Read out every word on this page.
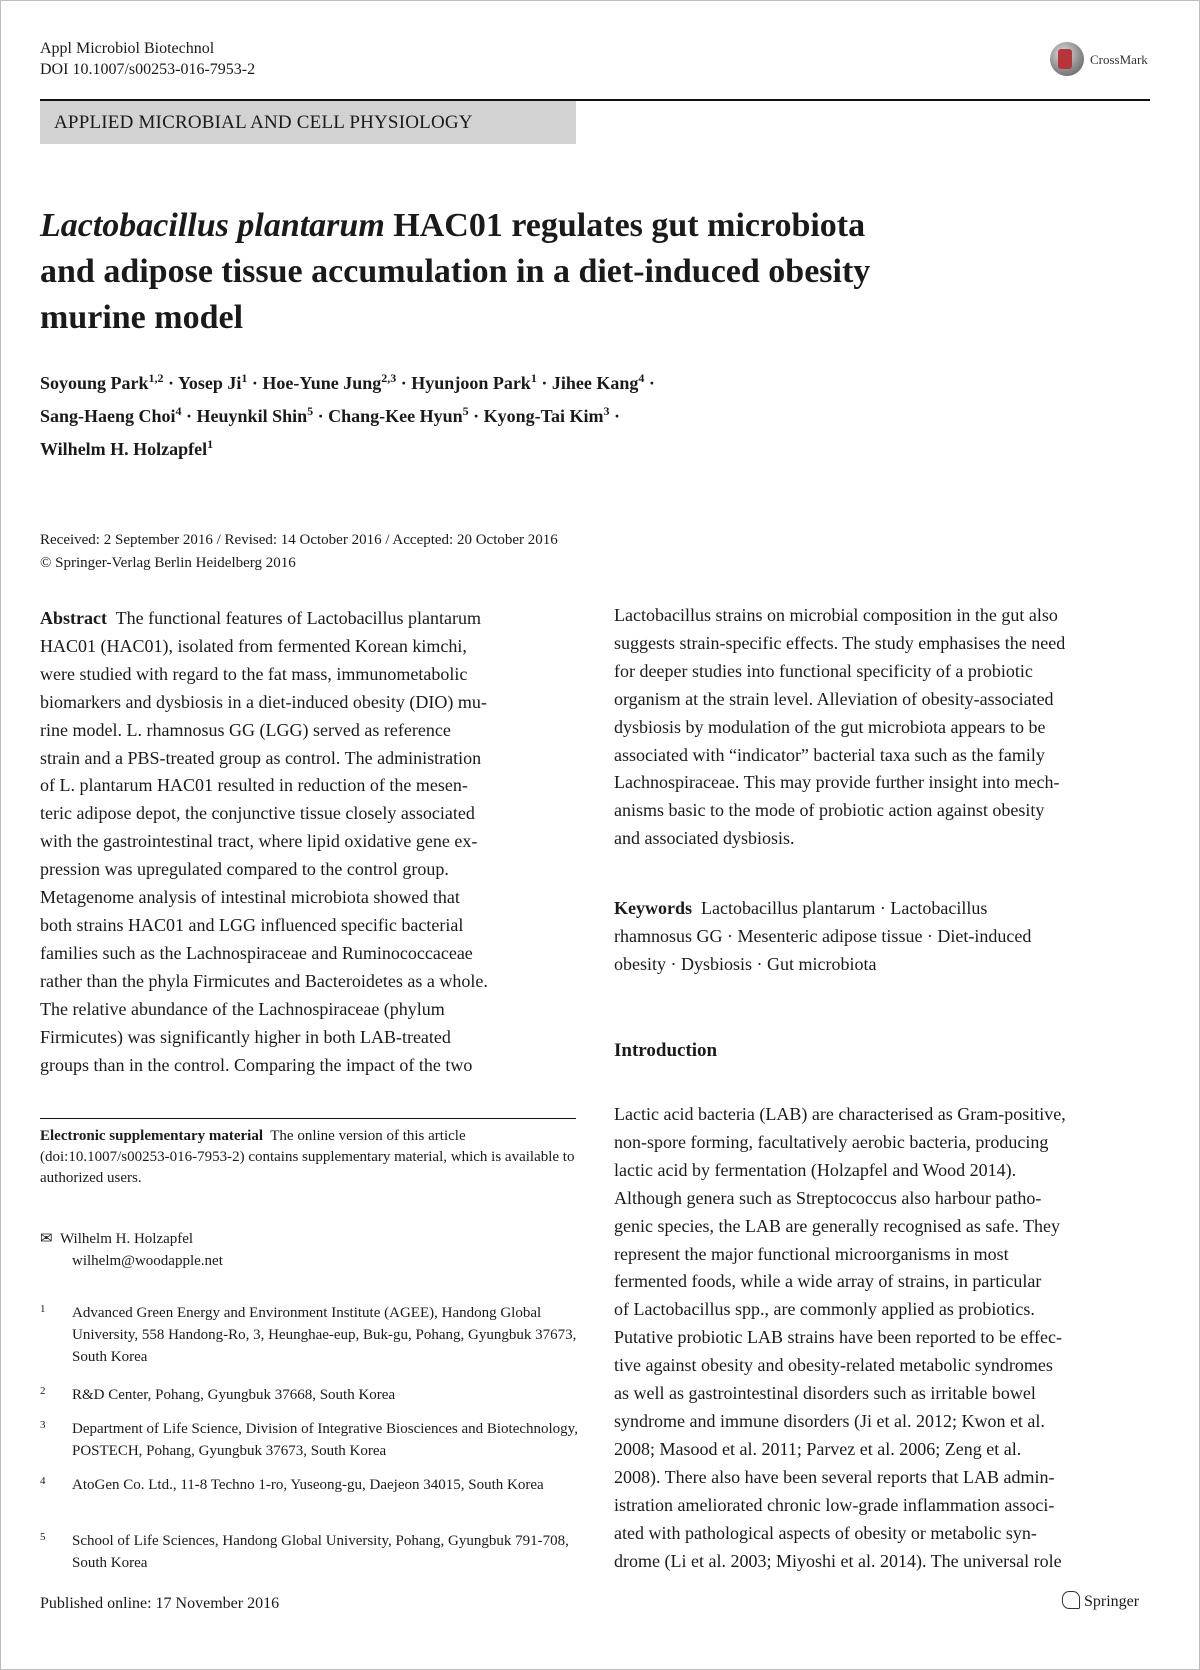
Appl Microbiol Biotechnol
DOI 10.1007/s00253-016-7953-2
CrossMark
APPLIED MICROBIAL AND CELL PHYSIOLOGY
Lactobacillus plantarum HAC01 regulates gut microbiota
and adipose tissue accumulation in a diet-induced obesity
murine model
Soyoung Park$^{1,2}$ · Yosep $Ji^1$ · Hoe-Yune Jung$^{2,3}$ · Hyunjoon Park$^1$ · Jihee Kang$^4$ ·
Sang-Haeng Choi$^4$ · Heuynkil Shin$^5$ · Chang-Kee Hyun$^5$ · Kyong-Tai Kim$^3$ ·
Wilhelm H. Holzapfel$^1$
Received: 2 September 2016 / Revised: 14 October 2016 / Accepted: 20 October 2016
© Springer-Verlag Berlin Heidelberg 2016

Abstract The functional features of Lactobacillus plantarum

HAC01 (HAC01), isolated from fermented Korean kimchi,

were studied with regard to the fat mass, immunometabolic

biomarkers and dysbiosis in a diet-induced obesity (DIO) mu-

rine model. L. rhamnosus GG (LGG) served as reference

strain and a PBS-treated group as control. The administration

of L. plantarum HAC01 resulted in reduction of the mesen-

teric adipose depot, the conjunctive tissue closely associated

with the gastrointestinal tract, where lipid oxidative gene ex-

pression was upregulated compared to the control group.

Metagenome analysis of intestinal microbiota showed that

both strains HAC01 and LGG influenced specific bacterial

families such as the Lachnospiraceae and Ruminococcaceae

rather than the phyla Firmicutes and Bacteroidetes as a whole.

The relative abundance of the Lachnospiraceae (phylum

Firmicutes) was significantly higher in both LAB-treated

groups than in the control. Comparing the impact of the two

Electronic supplementary material The online version of this article (doi:10.1007/s00253-016-7953-2) contains supplementary material, which is available to authorized users.
✉ Wilhelm H. Holzapfel
wilhelm@woodapple.net
1 Advanced Green Energy and Environment Institute (AGEE), Handong Global University, 558 Handong-Ro, 3, Heunghae-eup, Buk-gu, Pohang, Gyungbuk 37673, South Korea
2 R&D Center, Pohang, Gyungbuk 37668, South Korea
3 Department of Life Science, Division of Integrative Biosciences and Biotechnology, POSTECH, Pohang, Gyungbuk 37673, South Korea
4 AtoGen Co. Ltd., 11-8 Techno 1-ro, Yuseong-gu, Daejeon 34015, South Korea
5 School of Life Sciences, Handong Global University, Pohang, Gyungbuk 791-708, South Korea

Lactobacillus strains on microbial composition in the gut also

suggests strain-specific effects. The study emphasises the need

for deeper studies into functional specificity of a probiotic

organism at the strain level. Alleviation of obesity-associated

dysbiosis by modulation of the gut microbiota appears to be

associated with “indicator” bacterial taxa such as the family

Lachnospiraceae. This may provide further insight into mech-

anisms basic to the mode of probiotic action against obesity

and associated dysbiosis.

Keywords Lactobacillus plantarum · Lactobacillus
rhamnosus GG · Mesenteric adipose tissue · Diet-induced
obesity · Dysbiosis · Gut microbiota
Introduction

Lactic acid bacteria (LAB) are characterised as Gram-positive,

non-spore forming, facultatively aerobic bacteria, producing

lactic acid by fermentation (Holzapfel and Wood 2014).

Although genera such as Streptococcus also harbour patho-

genic species, the LAB are generally recognised as safe. They

represent the major functional microorganisms in most

fermented foods, while a wide array of strains, in particular

of Lactobacillus spp., are commonly applied as probiotics.

Putative probiotic LAB strains have been reported to be effec-

tive against obesity and obesity-related metabolic syndromes

as well as gastrointestinal disorders such as irritable bowel

syndrome and immune disorders (Ji et al. 2012; Kwon et al.

2008; Masood et al. 2011; Parvez et al. 2006; Zeng et al.

2008). There also have been several reports that LAB admin-

istration ameliorated chronic low-grade inflammation associ-

ated with pathological aspects of obesity or metabolic syn-

drome (Li et al. 2003; Miyoshi et al. 2014). The universal role

Published online: 17 November 2016	Springer
